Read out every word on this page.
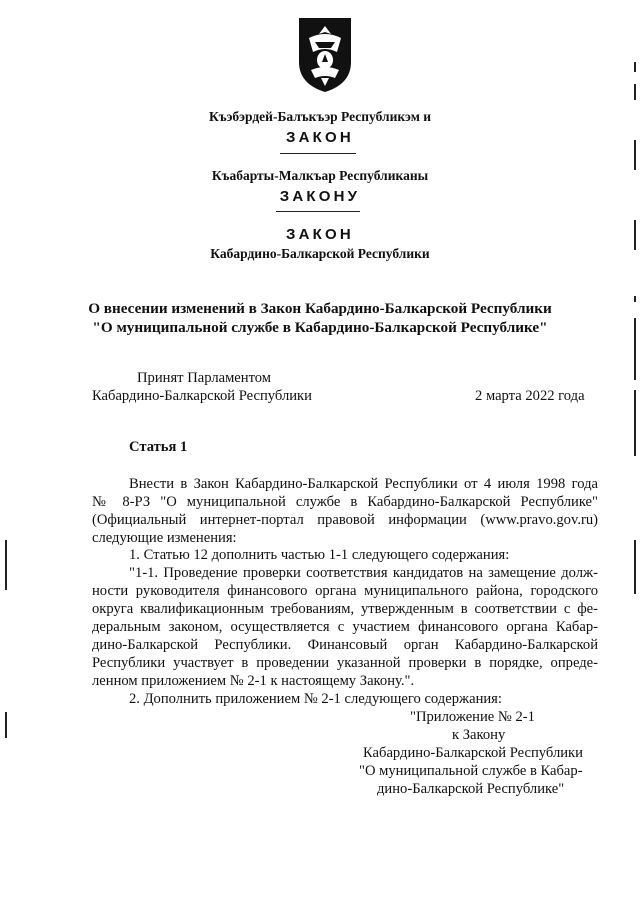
Къэбэрдей-Балъкъэр Республикэм и
ЗАКОН
Къабарты-Малкъар Республиканы
ЗАКОНУ
ЗАКОН
Кабардино-Балкарской Республики
О внесении изменений в Закон Кабардино-Балкарской Республики
"О муниципальной службе в Кабардино-Балкарской Республике"
Принят Парламентом
Кабардино-Балкарской Республики	2 марта 2022 года
Статья 1
Внести в Закон Кабардино-Балкарской Республики от 4 июля 1998 года
№ 8-РЗ "О муниципальной службе в Кабардино-Балкарской Республике"
(Официальный интернет-портал правовой информации (www.pravo.gov.ru)
следующие изменения:
1. Статью 12 дополнить частью 1-1 следующего содержания:
"1-1. Проведение проверки соответствия кандидатов на замещение долж-
ности руководителя финансового органа муниципального района, городского
округа квалификационным требованиям, утвержденным в соответствии с фе-
деральным законом, осуществляется с участием финансового органа Кабар-
дино-Балкарской Республики. Финансовый орган Кабардино-Балкарской
Республики участвует в проведении указанной проверки в порядке, опреде-
ленном приложением № 2-1 к настоящему Закону.".
2. Дополнить приложением № 2-1 следующего содержания:
"Приложение № 2-1
к Закону
Кабардино-Балкарской Республики
"О муниципальной службе в Кабар-
дино-Балкарской Республике"
